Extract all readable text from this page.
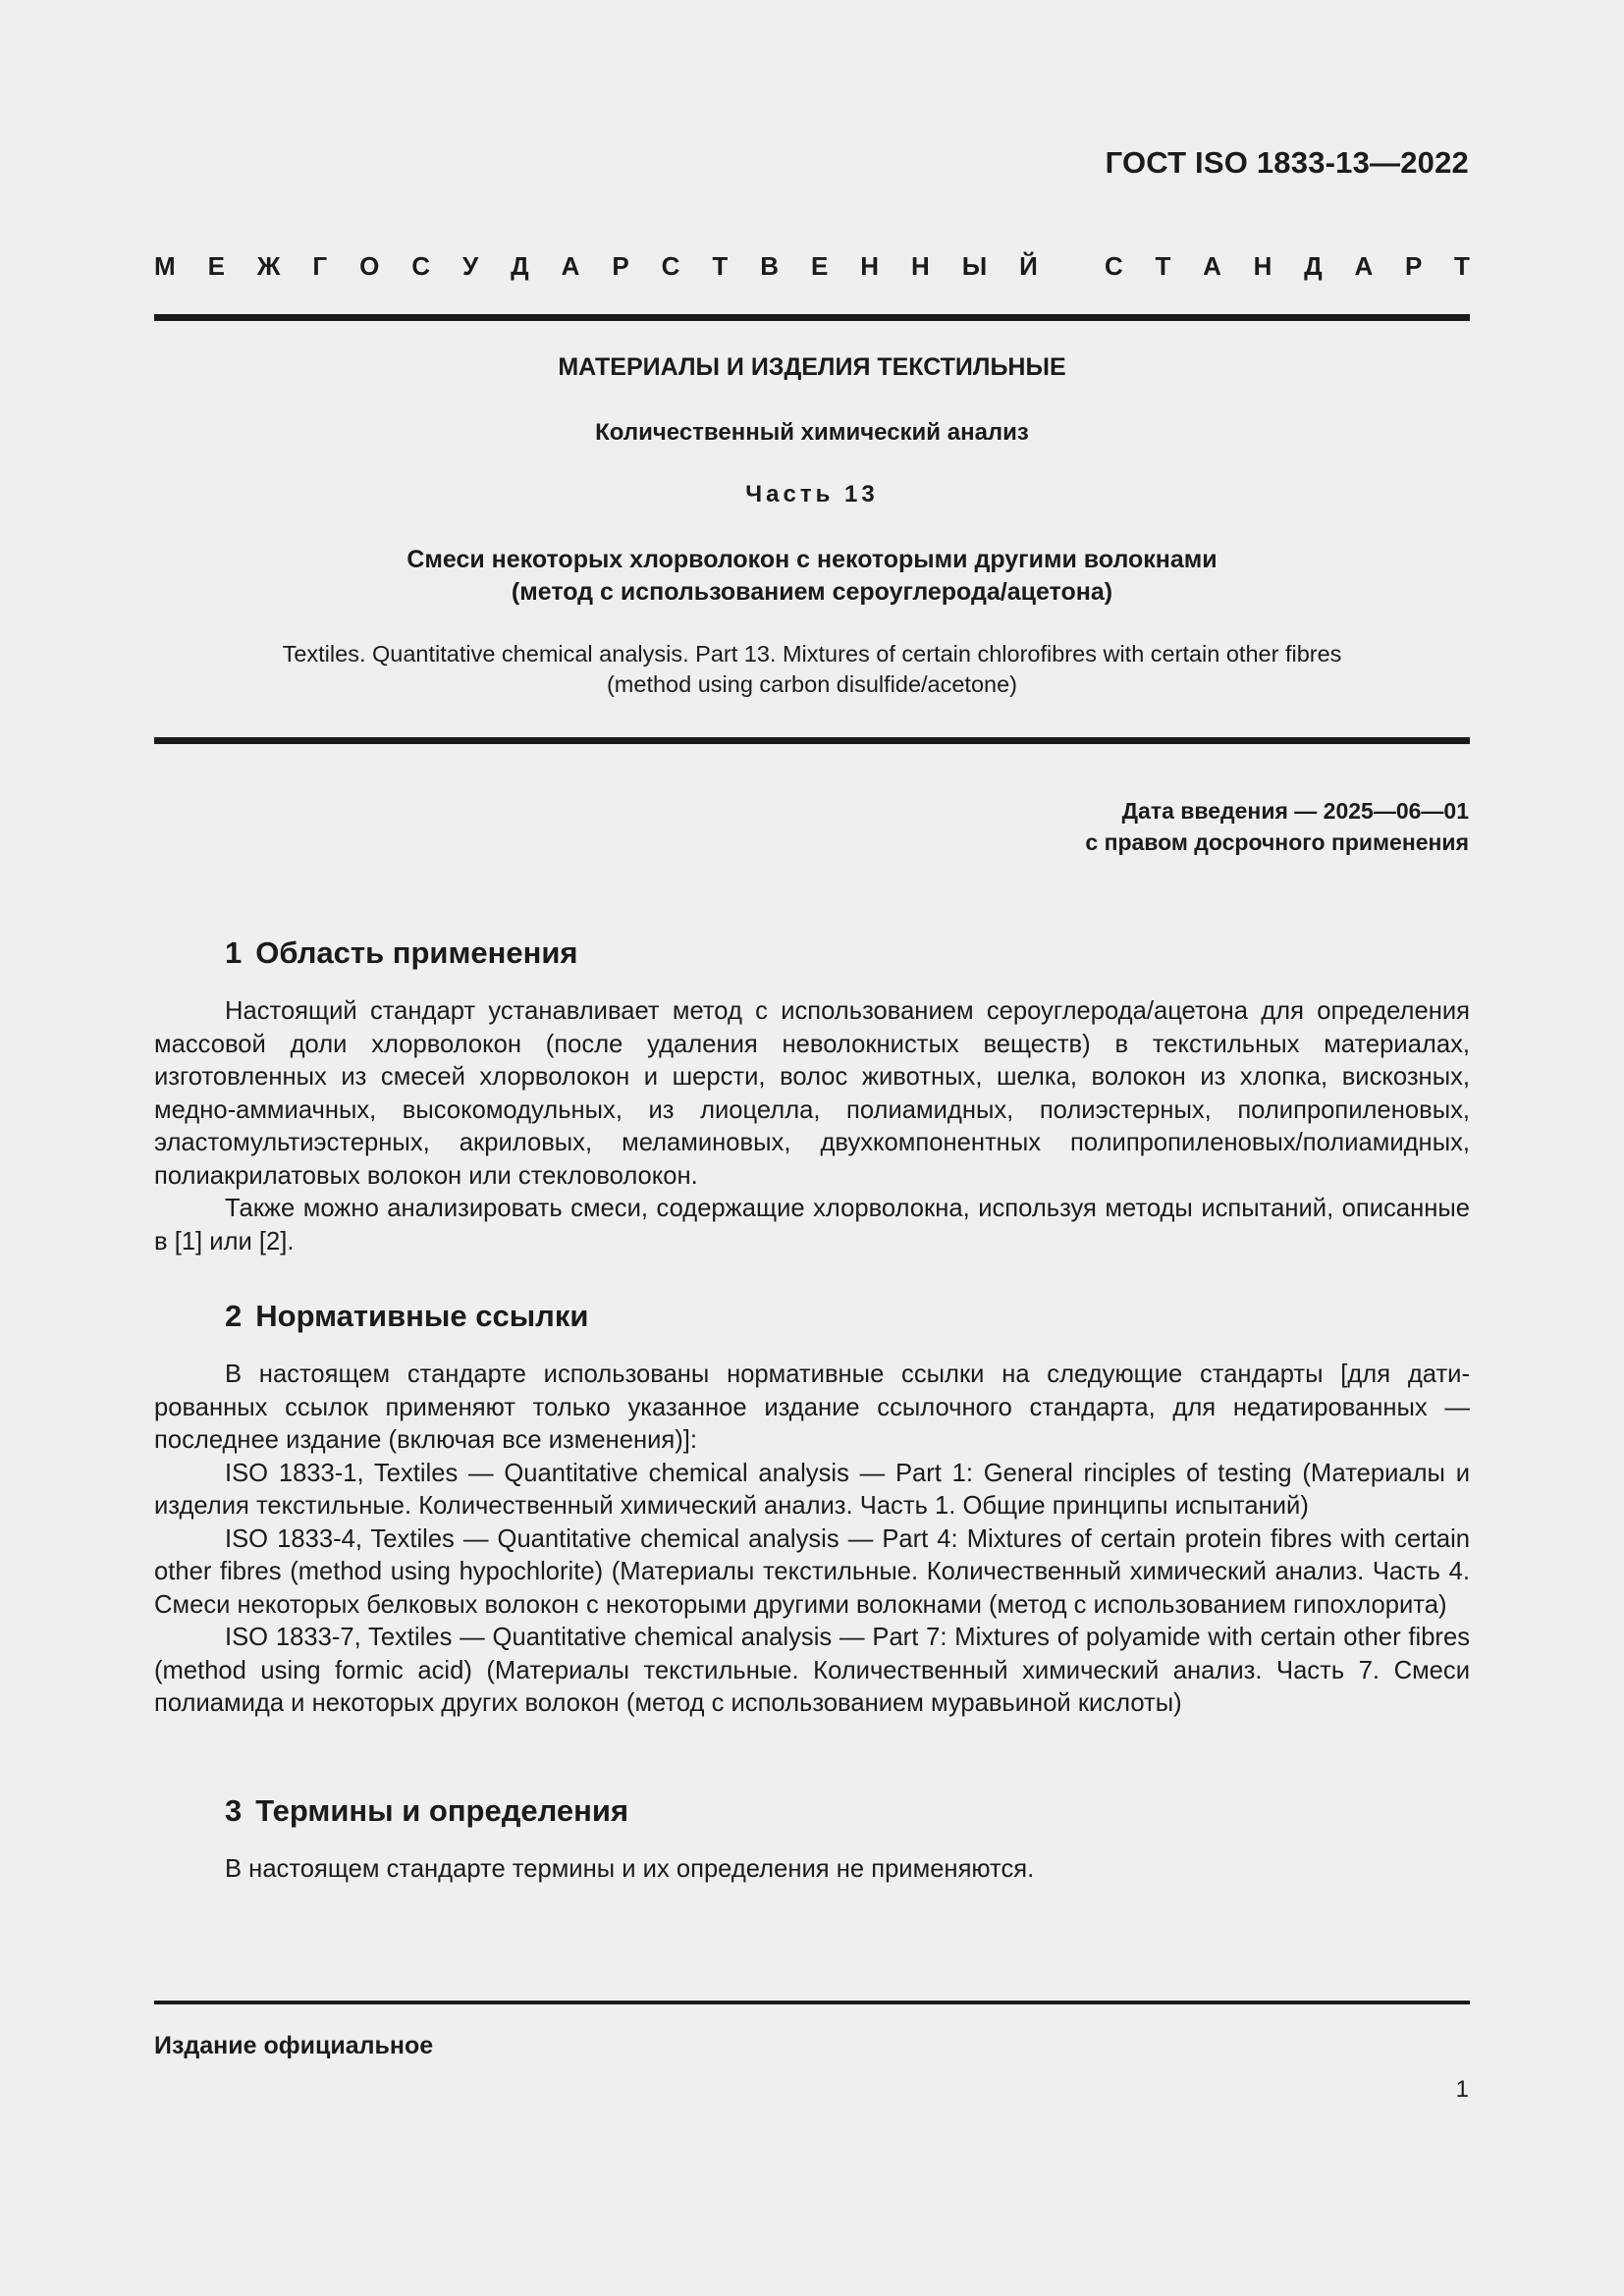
ГОСТ ISO 1833-13—2022
М Е Ж Г О С У Д А Р С Т В Е Н Н Ы Й	С Т А Н Д А Р Т
МАТЕРИАЛЫ И ИЗДЕЛИЯ ТЕКСТИЛЬНЫЕ
Количественный химический анализ
Часть 13
Смеси некоторых хлорволокон с некоторыми другими волокнами
(метод с использованием сероуглерода/ацетона)
Textiles. Quantitative chemical analysis. Part 13. Mixtures of certain chlorofibres with certain other fibres
(method using carbon disulfide/acetone)
Дата введения — 2025—06—01
с правом досрочного применения
1 Область применения

Настоящий стандарт устанавливает метод с использованием сероуглерода/ацетона для определения массовой доли хлорволокон (после удаления неволокнистых веществ) в текстильных материалах, изготовленных из смесей хлорволокон и шерсти, волос животных, шелка, волокон из хлопка, вискозных, медно-аммиачных, высокомодульных, из лиоцелла, полиамидных, полиэстерных, полипропиленовых, эластомультиэстерных, акриловых, меламиновых, двухкомпонентных полипропиленовых/полиамидных, полиакрилатовых волокон или стекловолокон.

Также можно анализировать смеси, содержащие хлорволокна, используя методы испытаний, описанные в [1] или [2].

2 Нормативные ссылки

В настоящем стандарте использованы нормативные ссылки на следующие стандарты [для датированных ссылок применяют только указанное издание ссылочного стандарта, для недатированных — последнее издание (включая все изменения)]:

ISO 1833-1, Textiles — Quantitative chemical analysis — Part 1: General rinciples of testing (Материалы и изделия текстильные. Количественный химический анализ. Часть 1. Общие принципы испытаний)

ISO 1833-4, Textiles — Quantitative chemical analysis — Part 4: Mixtures of certain protein fibres with certain other fibres (method using hypochlorite) (Материалы текстильные. Количественный химический анализ. Часть 4. Смеси некоторых белковых волокон с некоторыми другими волокнами (метод с использованием гипохлорита)

ISO 1833-7, Textiles — Quantitative chemical analysis — Part 7: Mixtures of polyamide with certain other fibres (method using formic acid) (Материалы текстильные. Количественный химический анализ. Часть 7. Смеси полиамида и некоторых других волокон (метод с использованием муравьиной кислоты)

3 Термины и определения

В настоящем стандарте термины и их определения не применяются.

Издание официальное
1
